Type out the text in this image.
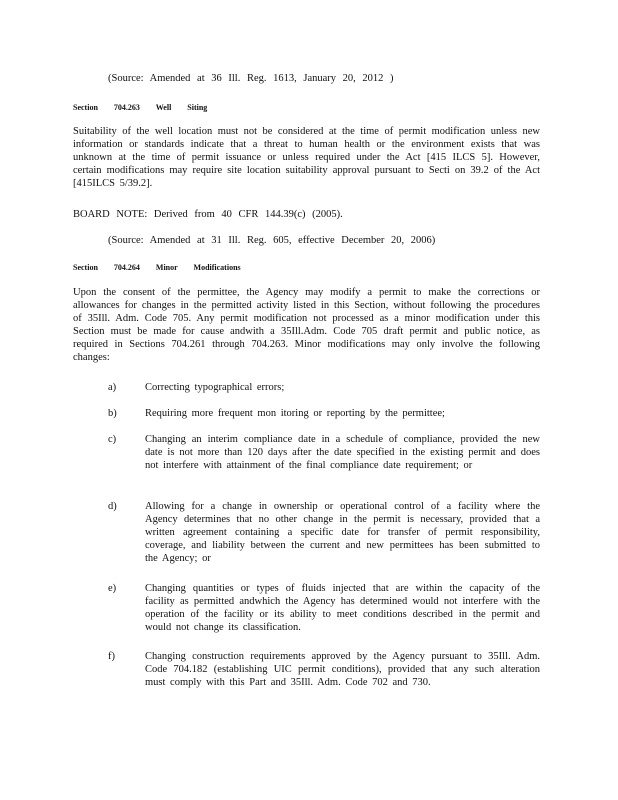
(Source: Amended at 36 Ill. Reg. 1613, January 20, 2012 )
Section 704.263 Well Siting
Suitability of the well location must not be considered at the time of permit modification unless new information or standards indicate that a threat to human health or the environment exists that was unknown at the time of permit issuance or unless required under the Act [415 ILCS 5]. However, certain modifications may require site location suitability approval pursuant to Secti on 39.2 of the Act [415ILCS 5/39.2].
BOARD NOTE: Derived from 40 CFR 144.39(c) (2005).
(Source: Amended at 31 Ill. Reg. 605, effective December 20, 2006)
Section 704.264 Minor Modifications
Upon the consent of the permittee, the Agency may modify a permit to make the corrections or allowances for changes in the permitted activity listed in this Section, without following the procedures of 35Ill. Adm. Code 705. Any permit modification not processed as a minor modification under this Section must be made for cause andwith a 35Ill.Adm. Code 705 draft permit and public notice, as required in Sections 704.261 through 704.263. Minor modifications may only involve the following changes:
a)	Correcting typographical errors;
b)	Requiring more frequent mon itoring or reporting by the permittee;
c)	Changing an interim compliance date in a schedule of compliance, provided the new date is not more than 120 days after the date specified in the existing permit and does not interfere with attainment of the final compliance date requirement; or
d)	Allowing for a change in ownership or operational control of a facility where the Agency determines that no other change in the permit is necessary, provided that a written agreement containing a specific date for transfer of permit responsibility, coverage, and liability between the current and new permittees has been submitted to the Agency; or
e)	Changing quantities or types of fluids injected that are within the capacity of the facility as permitted andwhich the Agency has determined would not interfere with the operation of the facility or its ability to meet conditions described in the permit and would not change its classification.
f)	Changing construction requirements approved by the Agency pursuant to 35Ill. Adm. Code 704.182 (establishing UIC permit conditions), provided that any such alteration must comply with this Part and 35Ill. Adm. Code 702 and 730.
